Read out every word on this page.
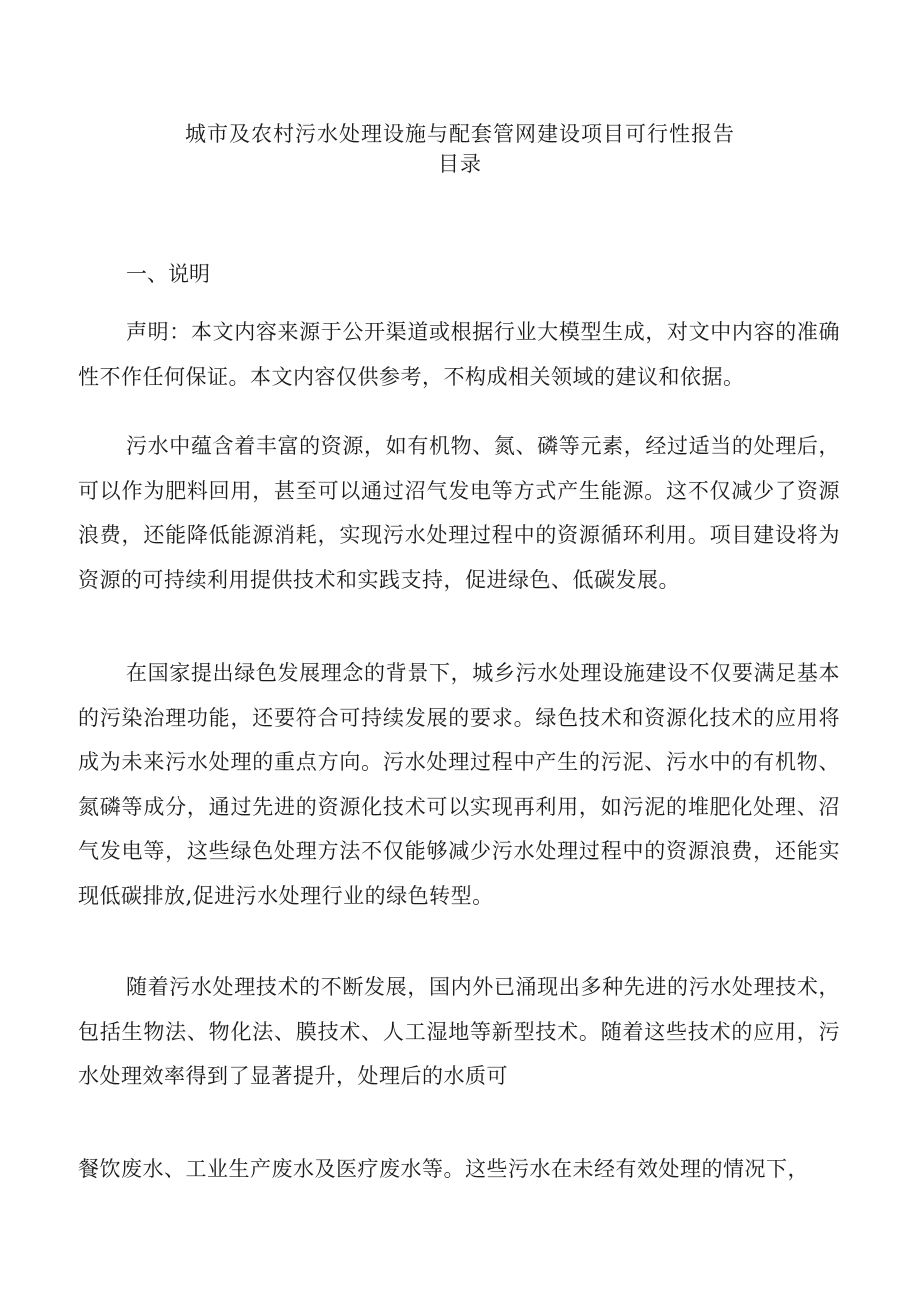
城市及农村污水处理设施与配套管网建设项目可行性报告
目录
一、说明

声明：本文内容来源于公开渠道或根据行业大模型生成，对文中内容的准确性不作任何保证。本文内容仅供参考，不构成相关领域的建议和依据。

污水中蕴含着丰富的资源，如有机物、氮、磷等元素，经过适当的处理后，可以作为肥料回用，甚至可以通过沼气发电等方式产生能源。这不仅减少了资源浪费，还能降低能源消耗，实现污水处理过程中的资源循环利用。项目建设将为资源的可持续利用提供技术和实践支持，促进绿色、低碳发展。

在国家提出绿色发展理念的背景下，城乡污水处理设施建设不仅要满足基本的污染治理功能，还要符合可持续发展的要求。绿色技术和资源化技术的应用将成为未来污水处理的重点方向。污水处理过程中产生的污泥、污水中的有机物、氮磷等成分，通过先进的资源化技术可以实现再利用，如污泥的堆肥化处理、沼气发电等，这些绿色处理方法不仅能够减少污水处理过程中的资源浪费，还能实现低碳排放,促进污水处理行业的绿色转型。

随着污水处理技术的不断发展，国内外已涌现出多种先进的污水处理技术，包括生物法、物化法、膜技术、人工湿地等新型技术。随着这些技术的应用，污水处理效率得到了显著提升，处理后的水质可

餐饮废水、工业生产废水及医疗废水等。这些污水在未经有效处理的情况下，
